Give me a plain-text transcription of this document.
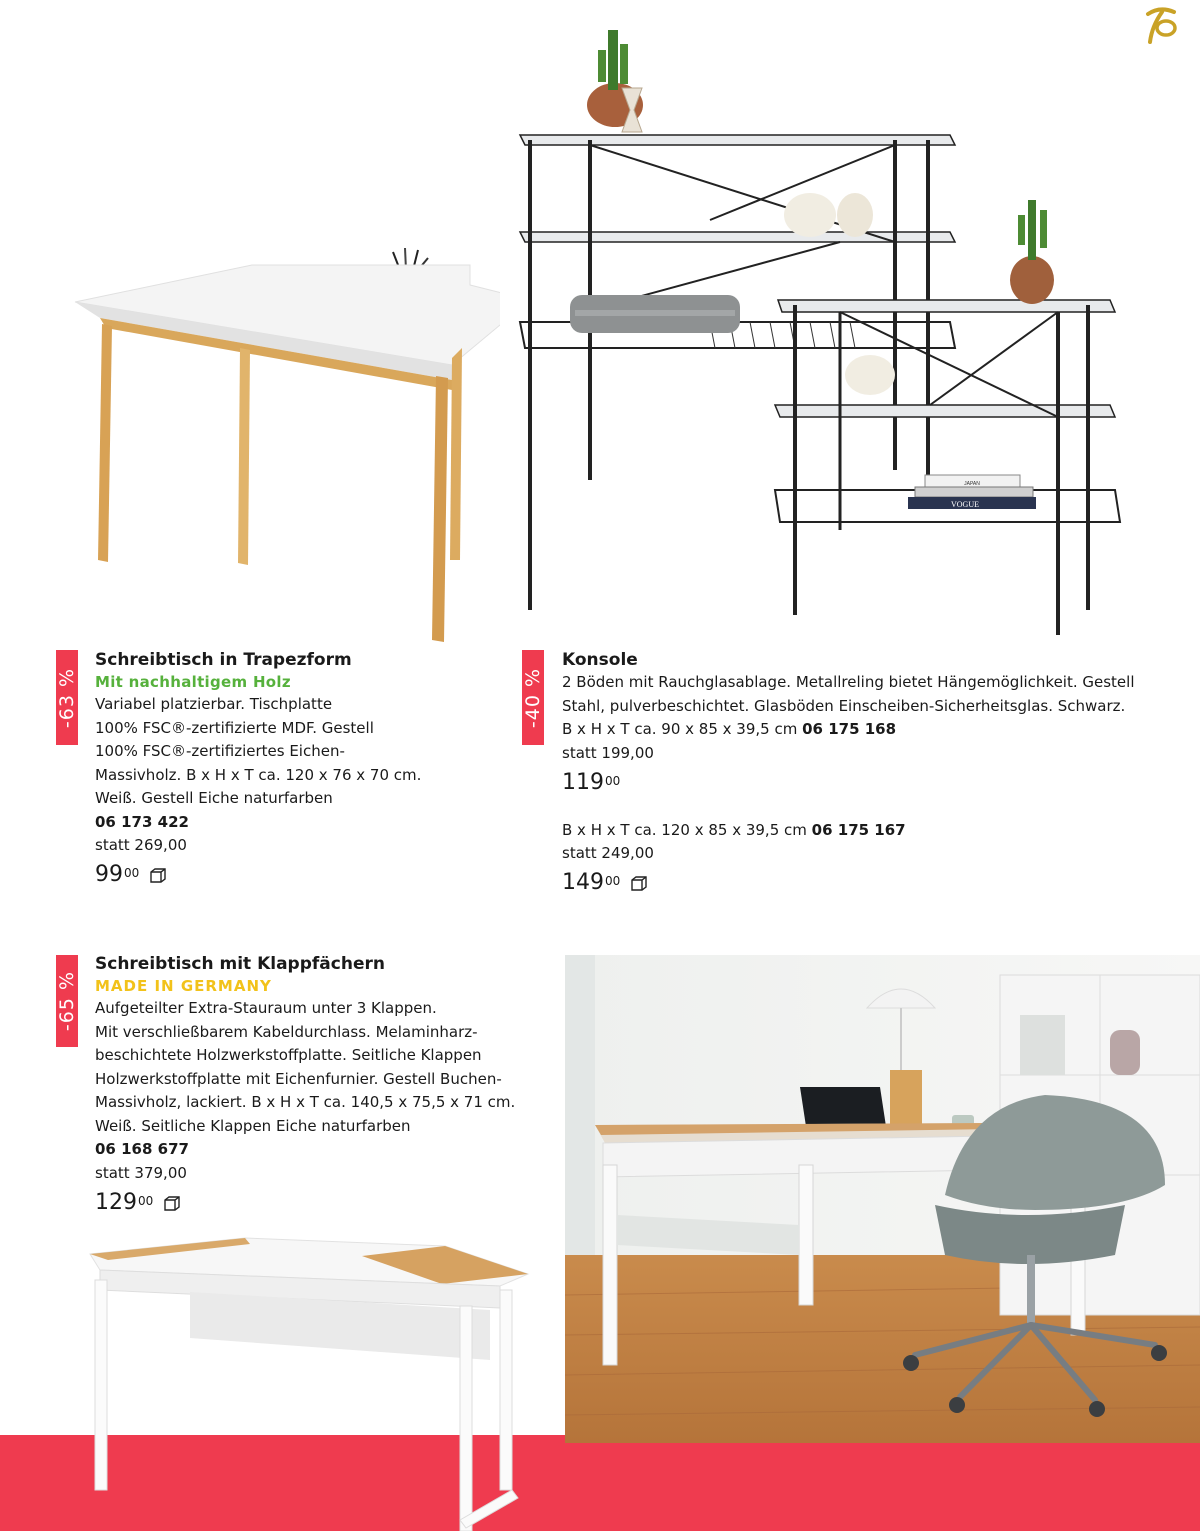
JAPAN
VOGUE
-63 %
Schreibtisch in Trapezform
Mit nachhaltigem Holz
Variabel platzierbar. Tischplatte
100% FSC®-zertifizierte MDF. Gestell
100% FSC®-zertifiziertes Eichen-
Massivholz. B x H x T ca. 120 x 76 x 70 cm.
Weiß. Gestell Eiche naturfarben
06 173 422
statt 269,00
$99^{00}$
-40 %
Konsole
2 Böden mit Rauchglasablage. Metallreling bietet Hängemöglichkeit. Gestell
Stahl, pulverbeschichtet. Glasböden Einscheiben-Sicherheitsglas. Schwarz.
B x H x T ca. 90 x 85 x 39,5 cm 06 175 168
statt 199,00
$119^{00}$
B x H x T ca. 120 x 85 x 39,5 cm 06 175 167
statt 249,00
$149^{00}$
-65 %
Schreibtisch mit Klappfächern
MADE IN GERMANY
Aufgeteilter Extra-Stauraum unter 3 Klappen.
Mit verschließbarem Kabeldurchlass. Melaminharz-
beschichtete Holzwerkstoffplatte. Seitliche Klappen
Holzwerkstoffplatte mit Eichenfurnier. Gestell Buchen-
Massivholz, lackiert. B x H x T ca. 140,5 x 75,5 x 71 cm.
Weiß. Seitliche Klappen Eiche naturfarben
06 168 677
statt 379,00
$129^{00}$
